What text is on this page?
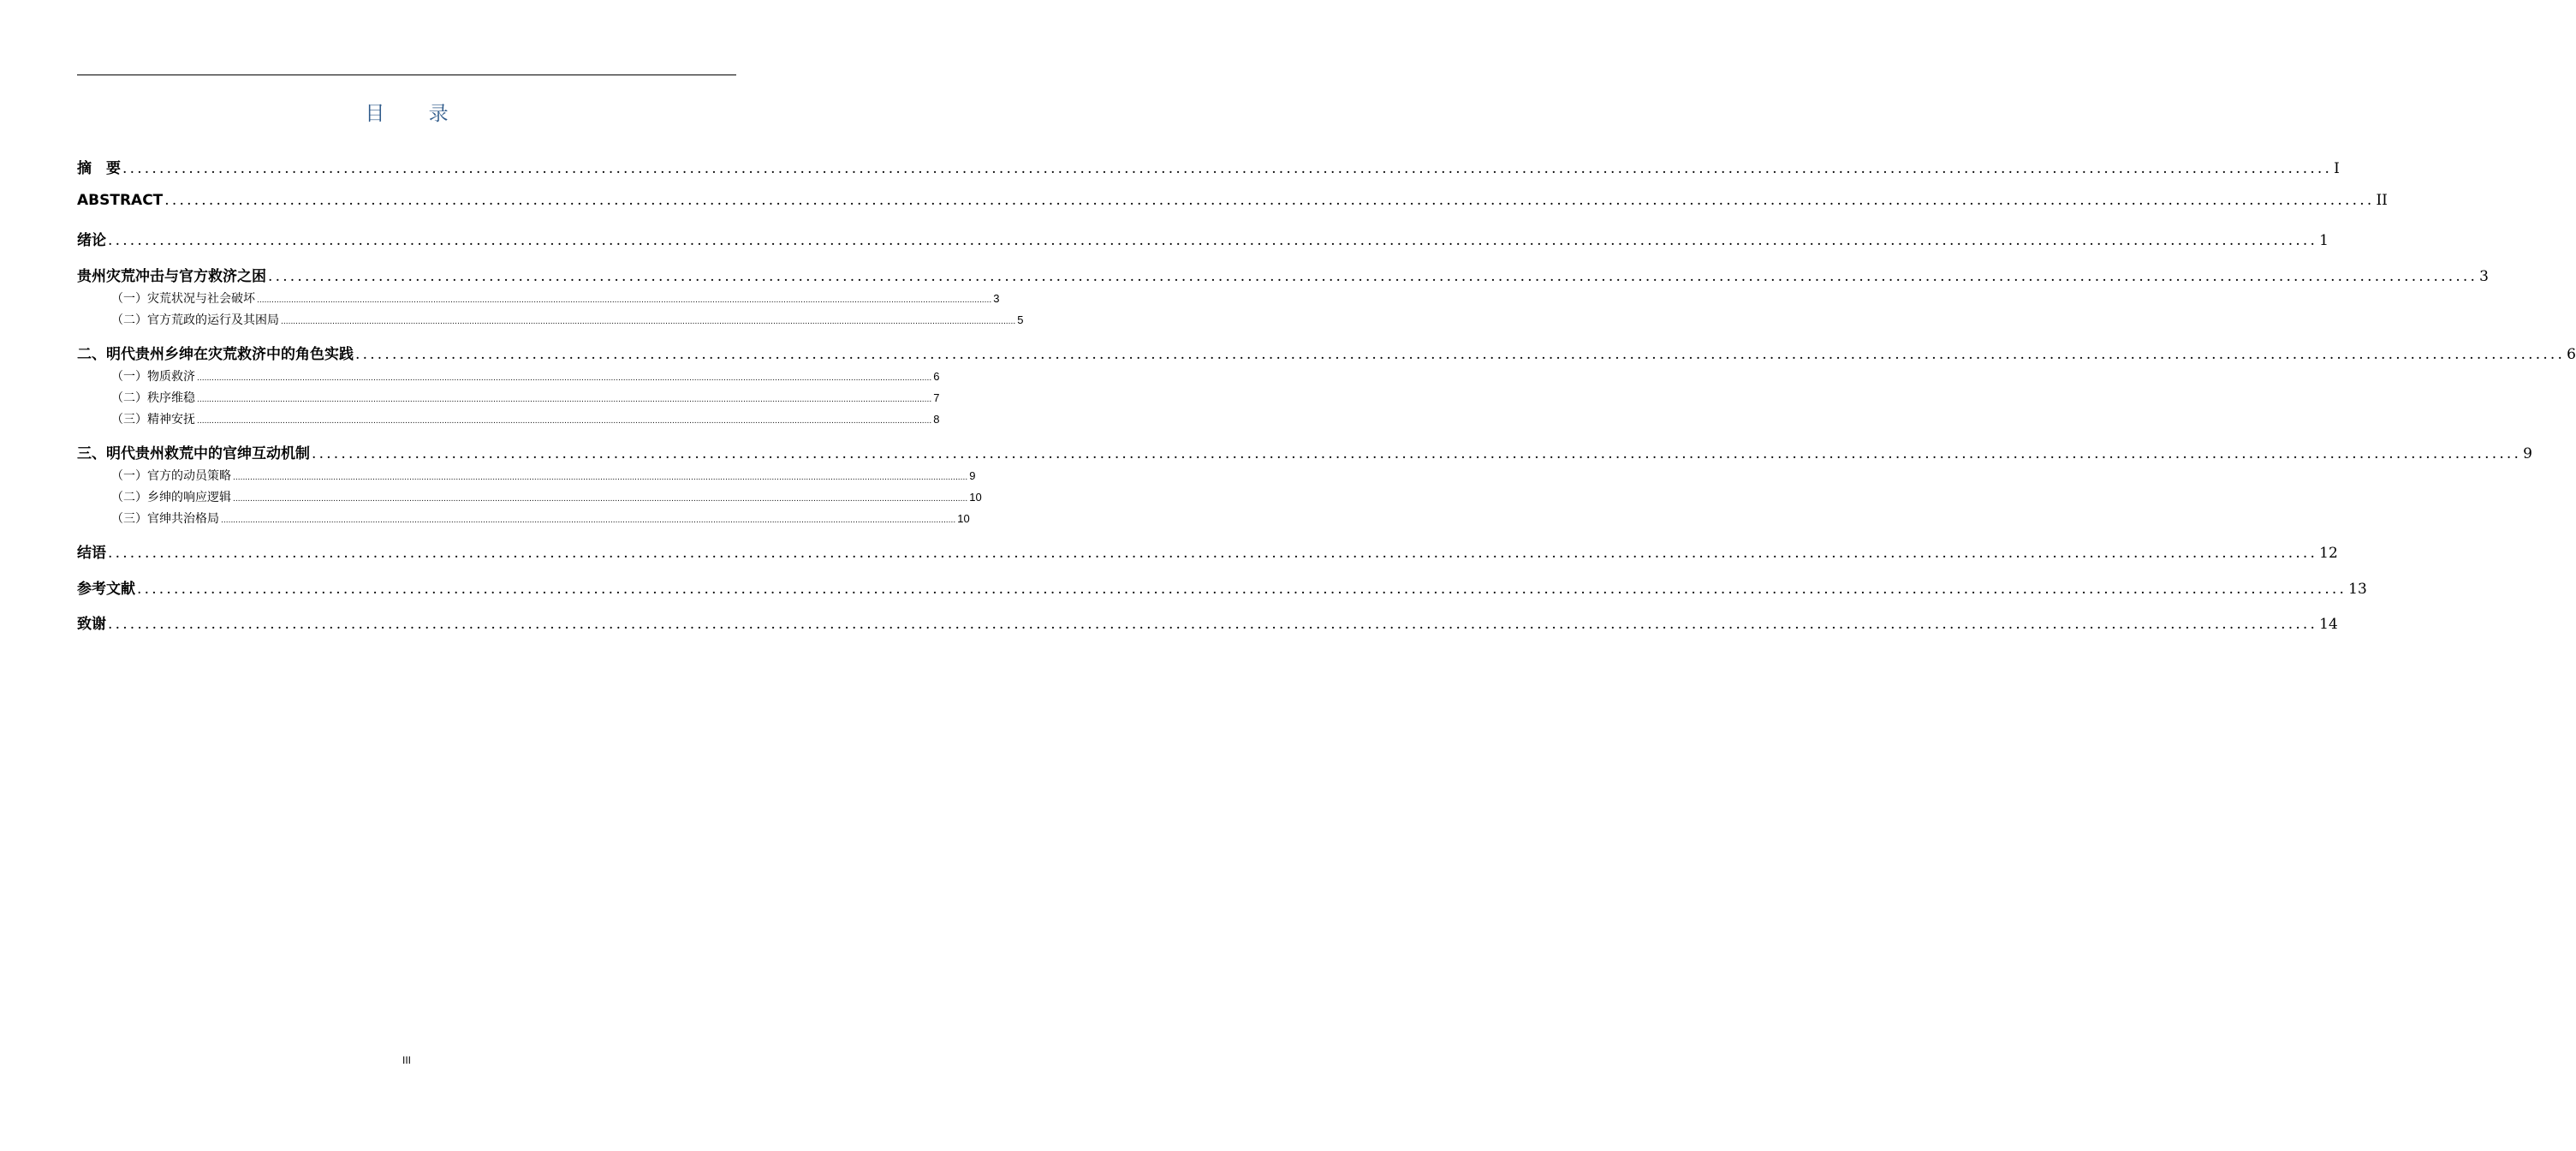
目 录
摘　要 ............................................................................................................................................................................................................................................................................................................ I
ABSTRACT ............................................................................................................................................................................................................................................................................................................ II
绪论 ............................................................................................................................................................................................................................................................................................................ 1
贵州灾荒冲击与官方救济之困 ............................................................................................................................................................................................................................................................................................................ 3
（一）灾荒状况与社会破坏 ............................................................................................................................................................................................................................................................................................................ 3
（二）官方荒政的运行及其困局 ............................................................................................................................................................................................................................................................................................................ 5
二、明代贵州乡绅在灾荒救济中的角色实践 ............................................................................................................................................................................................................................................................................................................ 6
（一）物质救济 ............................................................................................................................................................................................................................................................................................................ 6
（二）秩序维稳 ............................................................................................................................................................................................................................................................................................................ 7
（三）精神安抚 ............................................................................................................................................................................................................................................................................................................ 8
三、明代贵州救荒中的官绅互动机制 ............................................................................................................................................................................................................................................................................................................ 9
（一）官方的动员策略 ............................................................................................................................................................................................................................................................................................................ 9
（二）乡绅的响应逻辑 ............................................................................................................................................................................................................................................................................................................ 10
（三）官绅共治格局 ............................................................................................................................................................................................................................................................................................................ 10
结语 ............................................................................................................................................................................................................................................................................................................ 12
参考文献 ............................................................................................................................................................................................................................................................................................................ 13
致谢 ............................................................................................................................................................................................................................................................................................................ 14
III
